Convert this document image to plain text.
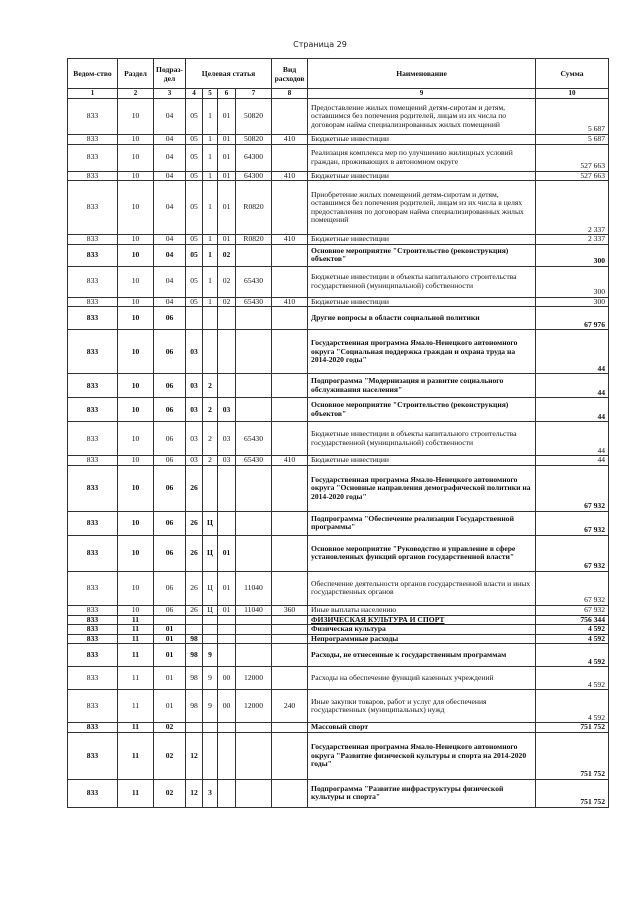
Страница 29
Ведом-ство	Раздел	Подраз-дел	Целевая статья				Вид расходов	Наименование	Сумма
1	2	3	4	5	6	7	8	9	10
833	10	04	05	1	01	50820		Предоставление жилых помещений детям-сиротам и детям, оставшимся без попечения родителей, лицам из их числа по договорам найма специализированных жилых помещений	5 687
833	10	04	05	1	01	50820	410	Бюджетные инвестиции	5 687
833	10	04	05	1	01	64300		Реализация комплекса мер по улучшению жилищных условий граждан, проживающих в автономном округе	527 663
833	10	04	05	1	01	64300	410	Бюджетные инвестиции	527 663
833	10	04	05	1	01	R0820		Приобретение жилых помещений детям-сиротам и детям, оставшимся без попечения родителей, лицам из их числа в целях предоставления по договорам найма специализированных жилых помещений	2 337
833	10	04	05	1	01	R0820	410	Бюджетные инвестиции	2 337
833	10	04	05	1	02			Основное мероприятие "Строительство (реконструкция) объектов"	300
833	10	04	05	1	02	65430		Бюджетные инвестиции в объекты капитального строительства государственной (муниципальной) собственности	300
833	10	04	05	1	02	65430	410	Бюджетные инвестиции	300
833	10	06						Другие вопросы в области социальной политики	67 976
833	10	06	03					Государственная программа Ямало-Ненецкого автономного округа "Социальная поддержка граждан и охрана труда на 2014-2020 годы"	44
833	10	06	03	2				Подпрограмма "Модернизация и развитие социального обслуживания населения"	44
833	10	06	03	2	03			Основное мероприятие "Строительство (реконструкция) объектов"	44
833	10	06	03	2	03	65430		Бюджетные инвестиции в объекты капитального строительства государственной (муниципальной) собственности	44
833	10	06	03	2	03	65430	410	Бюджетные инвестиции	44
833	10	06	26					Государственная программа Ямало-Ненецкого автономного округа "Основные направления демографической политики на 2014-2020 годы"	67 932
833	10	06	26	Ц				Подпрограмма "Обеспечение реализации Государственной программы"	67 932
833	10	06	26	Ц	01			Основное мероприятие "Руководство и управление в сфере установленных функций органов государственной власти"	67 932
833	10	06	26	Ц	01	11040		Обеспечение деятельности органов государственной власти и иных государственных органов	67 932
833	10	06	26	Ц	01	11040	360	Иные выплаты населению	67 932
833	11							ФИЗИЧЕСКАЯ КУЛЬТУРА И СПОРТ	756 344
833	11	01						Физическая культура	4 592
833	11	01	98					Непрограммные расходы	4 592
833	11	01	98	9				Расходы, не отнесенные к государственным программам	4 592
833	11	01	98	9	00	12000		Расходы на обеспечение функций казенных учреждений	4 592
833	11	01	98	9	00	12000	240	Иные закупки товаров, работ и услуг для обеспечения государственных (муниципальных) нужд	4 592
833	11	02						Массовый спорт	751 752
833	11	02	12					Государственная программа Ямало-Ненецкого автономного округа "Развитие физической культуры и спорта на 2014-2020 годы"	751 752
833	11	02	12	3				Подпрограмма "Развитие инфраструктуры физической культуры и спорта"	751 752
